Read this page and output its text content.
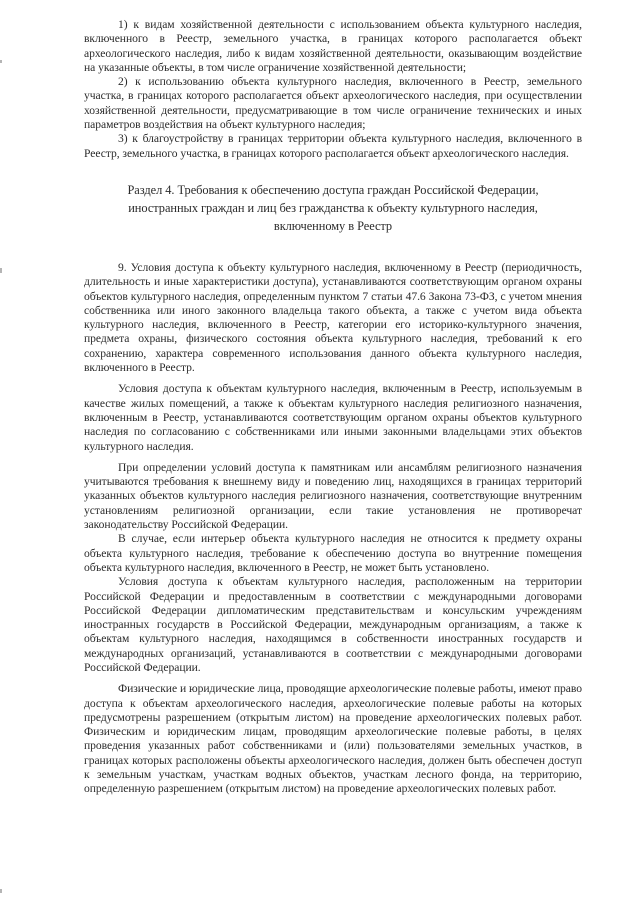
1) к видам хозяйственной деятельности с использованием объекта культурного наследия, включенного в Реестр, земельного участка, в границах которого располагается объект археологического наследия, либо к видам хозяйственной деятельности, оказывающим воздействие на указанные объекты, в том числе ограничение хозяйственной деятельности;

2) к использованию объекта культурного наследия, включенного в Реестр, земельного участка, в границах которого располагается объект археологического наследия, при осуществлении хозяйственной деятельности, предусматривающие в том числе ограничение технических и иных параметров воздействия на объект культурного наследия;

3) к благоустройству в границах территории объекта культурного наследия, включенного в Реестр, земельного участка, в границах которого располагается объект археологического наследия.

Раздел 4. Требования к обеспечению доступа граждан Российской Федерации, иностранных граждан и лиц без гражданства к объекту культурного наследия, включенному в Реестр

9. Условия доступа к объекту культурного наследия, включенному в Реестр (периодичность, длительность и иные характеристики доступа), устанавливаются соответствующим органом охраны объектов культурного наследия, определенным пунктом 7 статьи 47.6 Закона 73-ФЗ, с учетом мнения собственника или иного законного владельца такого объекта, а также с учетом вида объекта культурного наследия, включенного в Реестр, категории его историко-культурного значения, предмета охраны, физического состояния объекта культурного наследия, требований к его сохранению, характера современного использования данного объекта культурного наследия, включенного в Реестр.

Условия доступа к объектам культурного наследия, включенным в Реестр, используемым в качестве жилых помещений, а также к объектам культурного наследия религиозного назначения, включенным в Реестр, устанавливаются соответствующим органом охраны объектов культурного наследия по согласованию с собственниками или иными законными владельцами этих объектов культурного наследия.

При определении условий доступа к памятникам или ансамблям религиозного назначения учитываются требования к внешнему виду и поведению лиц, находящихся в границах территорий указанных объектов культурного наследия религиозного назначения, соответствующие внутренним установлениям религиозной организации, если такие установления не противоречат законодательству Российской Федерации.

В случае, если интерьер объекта культурного наследия не относится к предмету охраны объекта культурного наследия, требование к обеспечению доступа во внутренние помещения объекта культурного наследия, включенного в Реестр, не может быть установлено.

Условия доступа к объектам культурного наследия, расположенным на территории Российской Федерации и предоставленным в соответствии с международными договорами Российской Федерации дипломатическим представительствам и консульским учреждениям иностранных государств в Российской Федерации, международным организациям, а также к объектам культурного наследия, находящимся в собственности иностранных государств и международных организаций, устанавливаются в соответствии с международными договорами Российской Федерации.

Физические и юридические лица, проводящие археологические полевые работы, имеют право доступа к объектам археологического наследия, археологические полевые работы на которых предусмотрены разрешением (открытым листом) на проведение археологических полевых работ. Физическим и юридическим лицам, проводящим археологические полевые работы, в целях проведения указанных работ собственниками и (или) пользователями земельных участков, в границах которых расположены объекты археологического наследия, должен быть обеспечен доступ к земельным участкам, участкам водных объектов, участкам лесного фонда, на территорию, определенную разрешением (открытым листом) на проведение археологических полевых работ.
